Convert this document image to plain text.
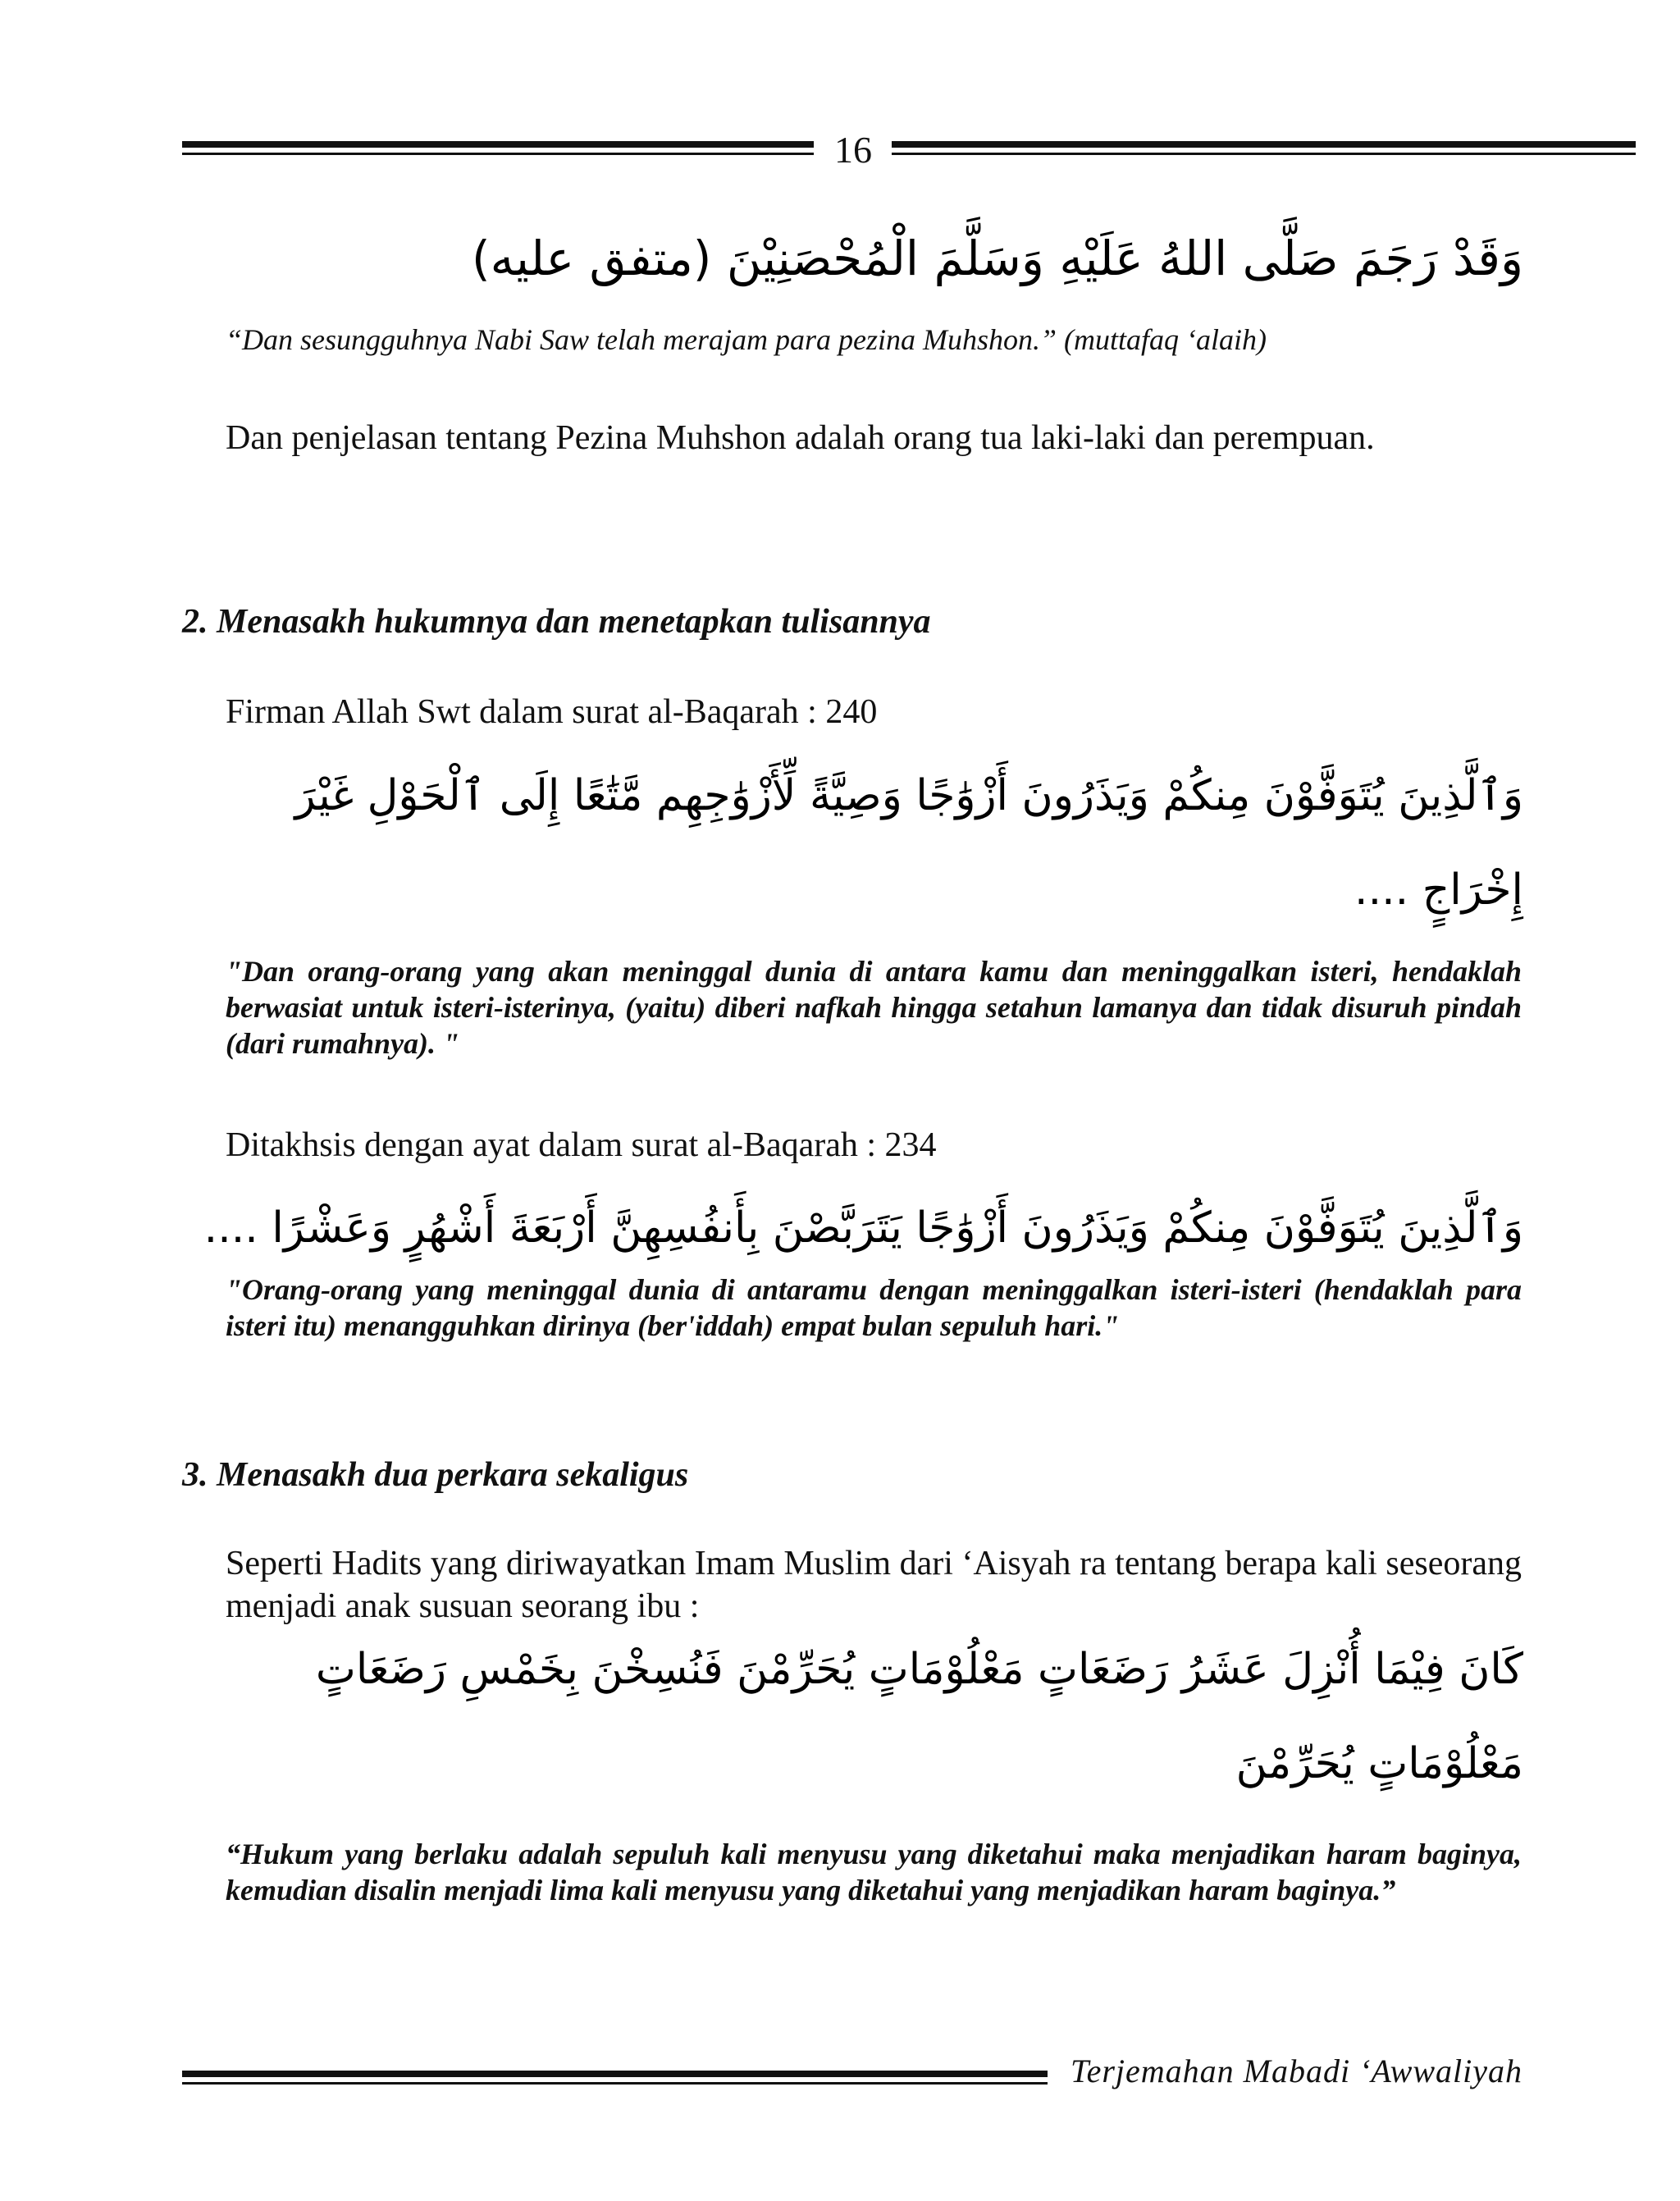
16
وَقَدْ رَجَمَ صَلَّى اللهُ عَلَيْهِ وَسَلَّمَ الْمُحْصَنِيْنَ (متفق عليه)
“Dan sesungguhnya Nabi Saw telah merajam para pezina Muhshon.” (muttafaq ‘alaih)
Dan penjelasan tentang Pezina Muhshon adalah orang tua laki-laki dan perempuan.
2. Menasakh hukumnya dan menetapkan tulisannya
Firman Allah Swt dalam surat al-Baqarah : 240
وَٱلَّذِينَ يُتَوَفَّوْنَ مِنكُمْ وَيَذَرُونَ أَزْوَٰجًا وَصِيَّةً لِّأَزْوَٰجِهِم مَّتَٰعًا إِلَى ٱلْحَوْلِ غَيْرَ
إِخْرَاجٍ ....
"Dan orang-orang yang akan meninggal dunia di antara kamu dan meninggalkan isteri, hendaklah berwasiat untuk isteri-isterinya, (yaitu) diberi nafkah hingga setahun lamanya dan tidak disuruh pindah (dari rumahnya). "
Ditakhsis dengan ayat dalam surat al-Baqarah : 234
وَٱلَّذِينَ يُتَوَفَّوْنَ مِنكُمْ وَيَذَرُونَ أَزْوَٰجًا يَتَرَبَّصْنَ بِأَنفُسِهِنَّ أَرْبَعَةَ أَشْهُرٍ وَعَشْرًا ....
"Orang-orang yang meninggal dunia di antaramu dengan meninggalkan isteri-isteri (hendaklah para isteri itu) menangguhkan dirinya (ber'iddah) empat bulan sepuluh hari."
3. Menasakh dua perkara sekaligus
Seperti Hadits yang diriwayatkan Imam Muslim dari ‘Aisyah ra tentang berapa kali seseorang menjadi anak susuan seorang ibu :
كَانَ فِيْمَا أُنْزِلَ عَشَرُ رَضَعَاتٍ مَعْلُوْمَاتٍ يُحَرِّمْنَ فَنُسِخْنَ بِخَمْسِ رَضَعَاتٍ
مَعْلُوْمَاتٍ يُحَرِّمْنَ
“Hukum yang berlaku adalah sepuluh kali menyusu yang diketahui maka menjadikan haram baginya, kemudian disalin menjadi lima kali menyusu yang diketahui yang menjadikan haram baginya.”
Terjemahan Mabadi ‘Awwaliyah
